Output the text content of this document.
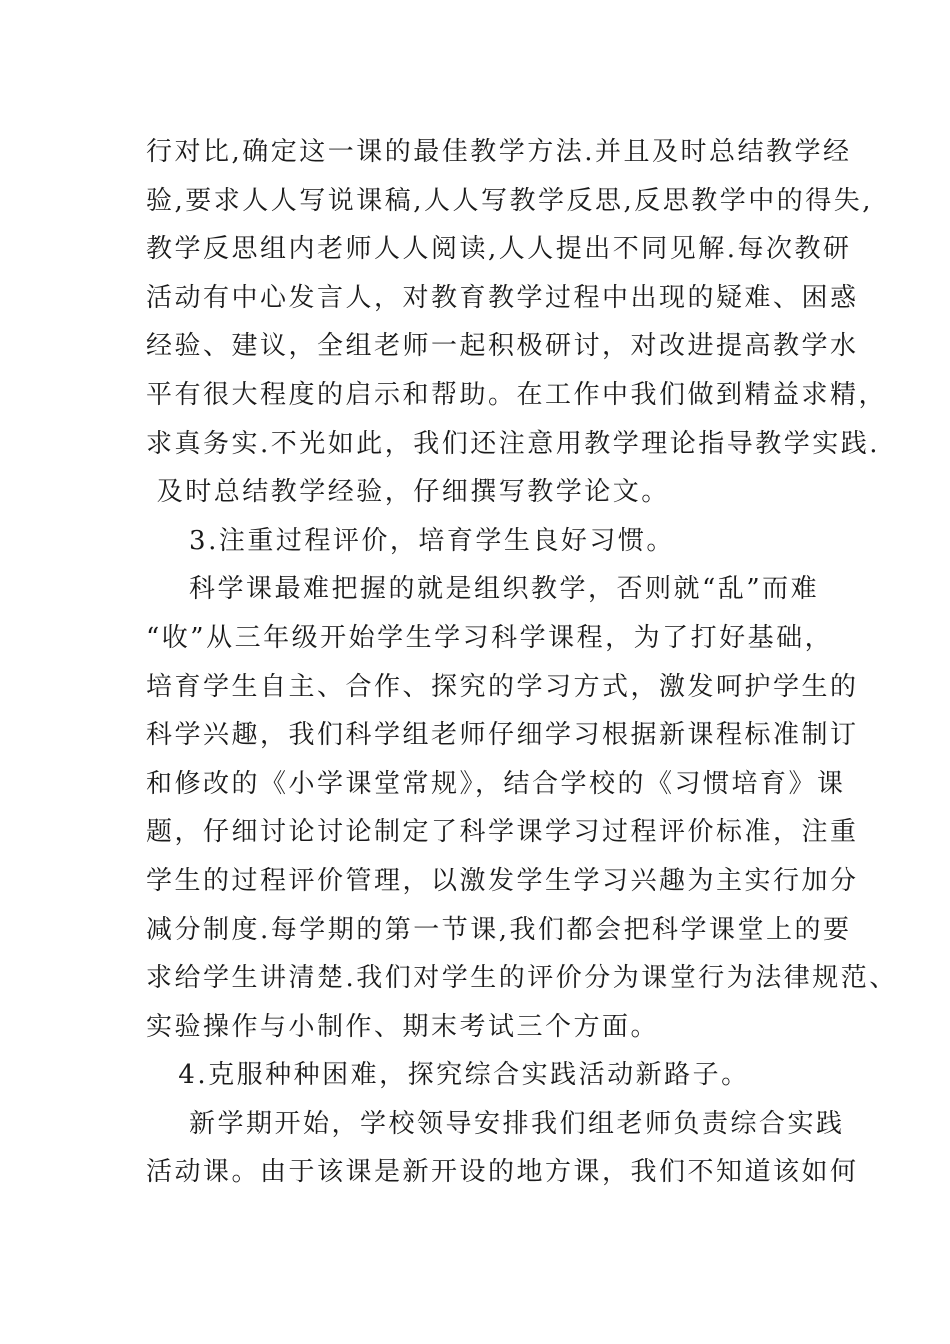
行对比,确定这一课的最佳教学方法.并且及时总结教学经
验,要求人人写说课稿,人人写教学反思,反思教学中的得失,
教学反思组内老师人人阅读,人人提出不同见解.每次教研
活动有中心发言人，对教育教学过程中出现的疑难、困惑
经验、建议，全组老师一起积极研讨，对改进提高教学水
平有很大程度的启示和帮助。在工作中我们做到精益求精，
求真务实.不光如此，我们还注意用教学理论指导教学实践.
及时总结教学经验，仔细撰写教学论文。
3.注重过程评价，培育学生良好习惯。
科学课最难把握的就是组织教学，否则就“乱”而难
“收”从三年级开始学生学习科学课程，为了打好基础，
培育学生自主、合作、探究的学习方式，激发呵护学生的
科学兴趣，我们科学组老师仔细学习根据新课程标准制订
和修改的《小学课堂常规》，结合学校的《习惯培育》课
题，仔细讨论讨论制定了科学课学习过程评价标准，注重
学生的过程评价管理，以激发学生学习兴趣为主实行加分
减分制度.每学期的第一节课,我们都会把科学课堂上的要
求给学生讲清楚.我们对学生的评价分为课堂行为法律规范、
实验操作与小制作、期末考试三个方面。
4.克服种种困难，探究综合实践活动新路子。
新学期开始，学校领导安排我们组老师负责综合实践
活动课。由于该课是新开设的地方课，我们不知道该如何
